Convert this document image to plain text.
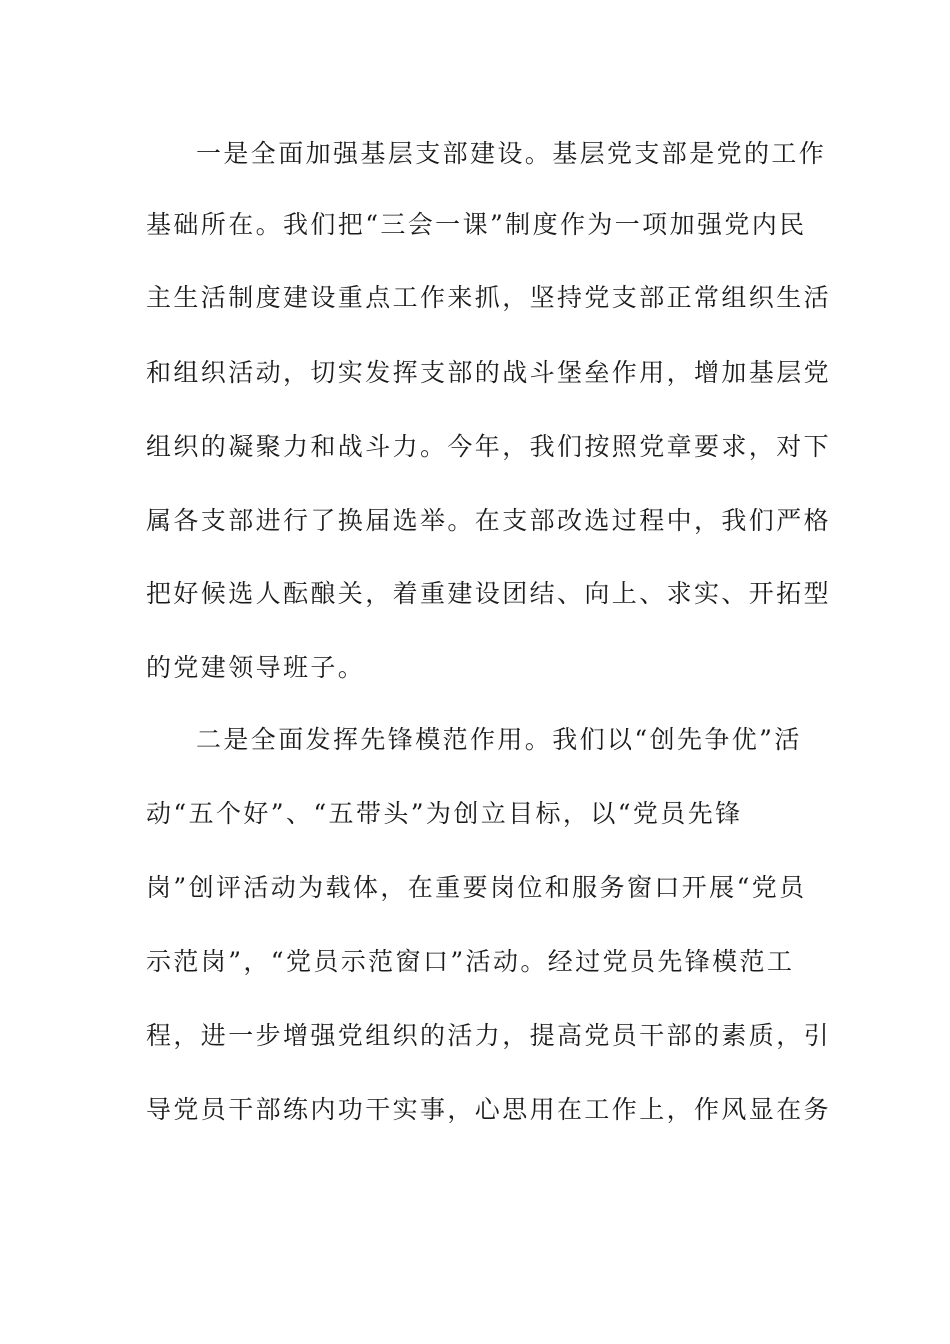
一是全面加强基层支部建设。基层党支部是党的工作
基础所在。我们把“三会一课”制度作为一项加强党内民
主生活制度建设重点工作来抓，坚持党支部正常组织生活
和组织活动，切实发挥支部的战斗堡垒作用，增加基层党
组织的凝聚力和战斗力。今年，我们按照党章要求，对下
属各支部进行了换届选举。在支部改选过程中，我们严格
把好候选人酝酿关，着重建设团结、向上、求实、开拓型
的党建领导班子。
二是全面发挥先锋模范作用。我们以“创先争优”活
动“五个好”、“五带头”为创立目标，以“党员先锋
岗”创评活动为载体，在重要岗位和服务窗口开展“党员
示范岗”，“党员示范窗口”活动。经过党员先锋模范工
程，进一步增强党组织的活力，提高党员干部的素质，引
导党员干部练内功干实事，心思用在工作上，作风显在务
